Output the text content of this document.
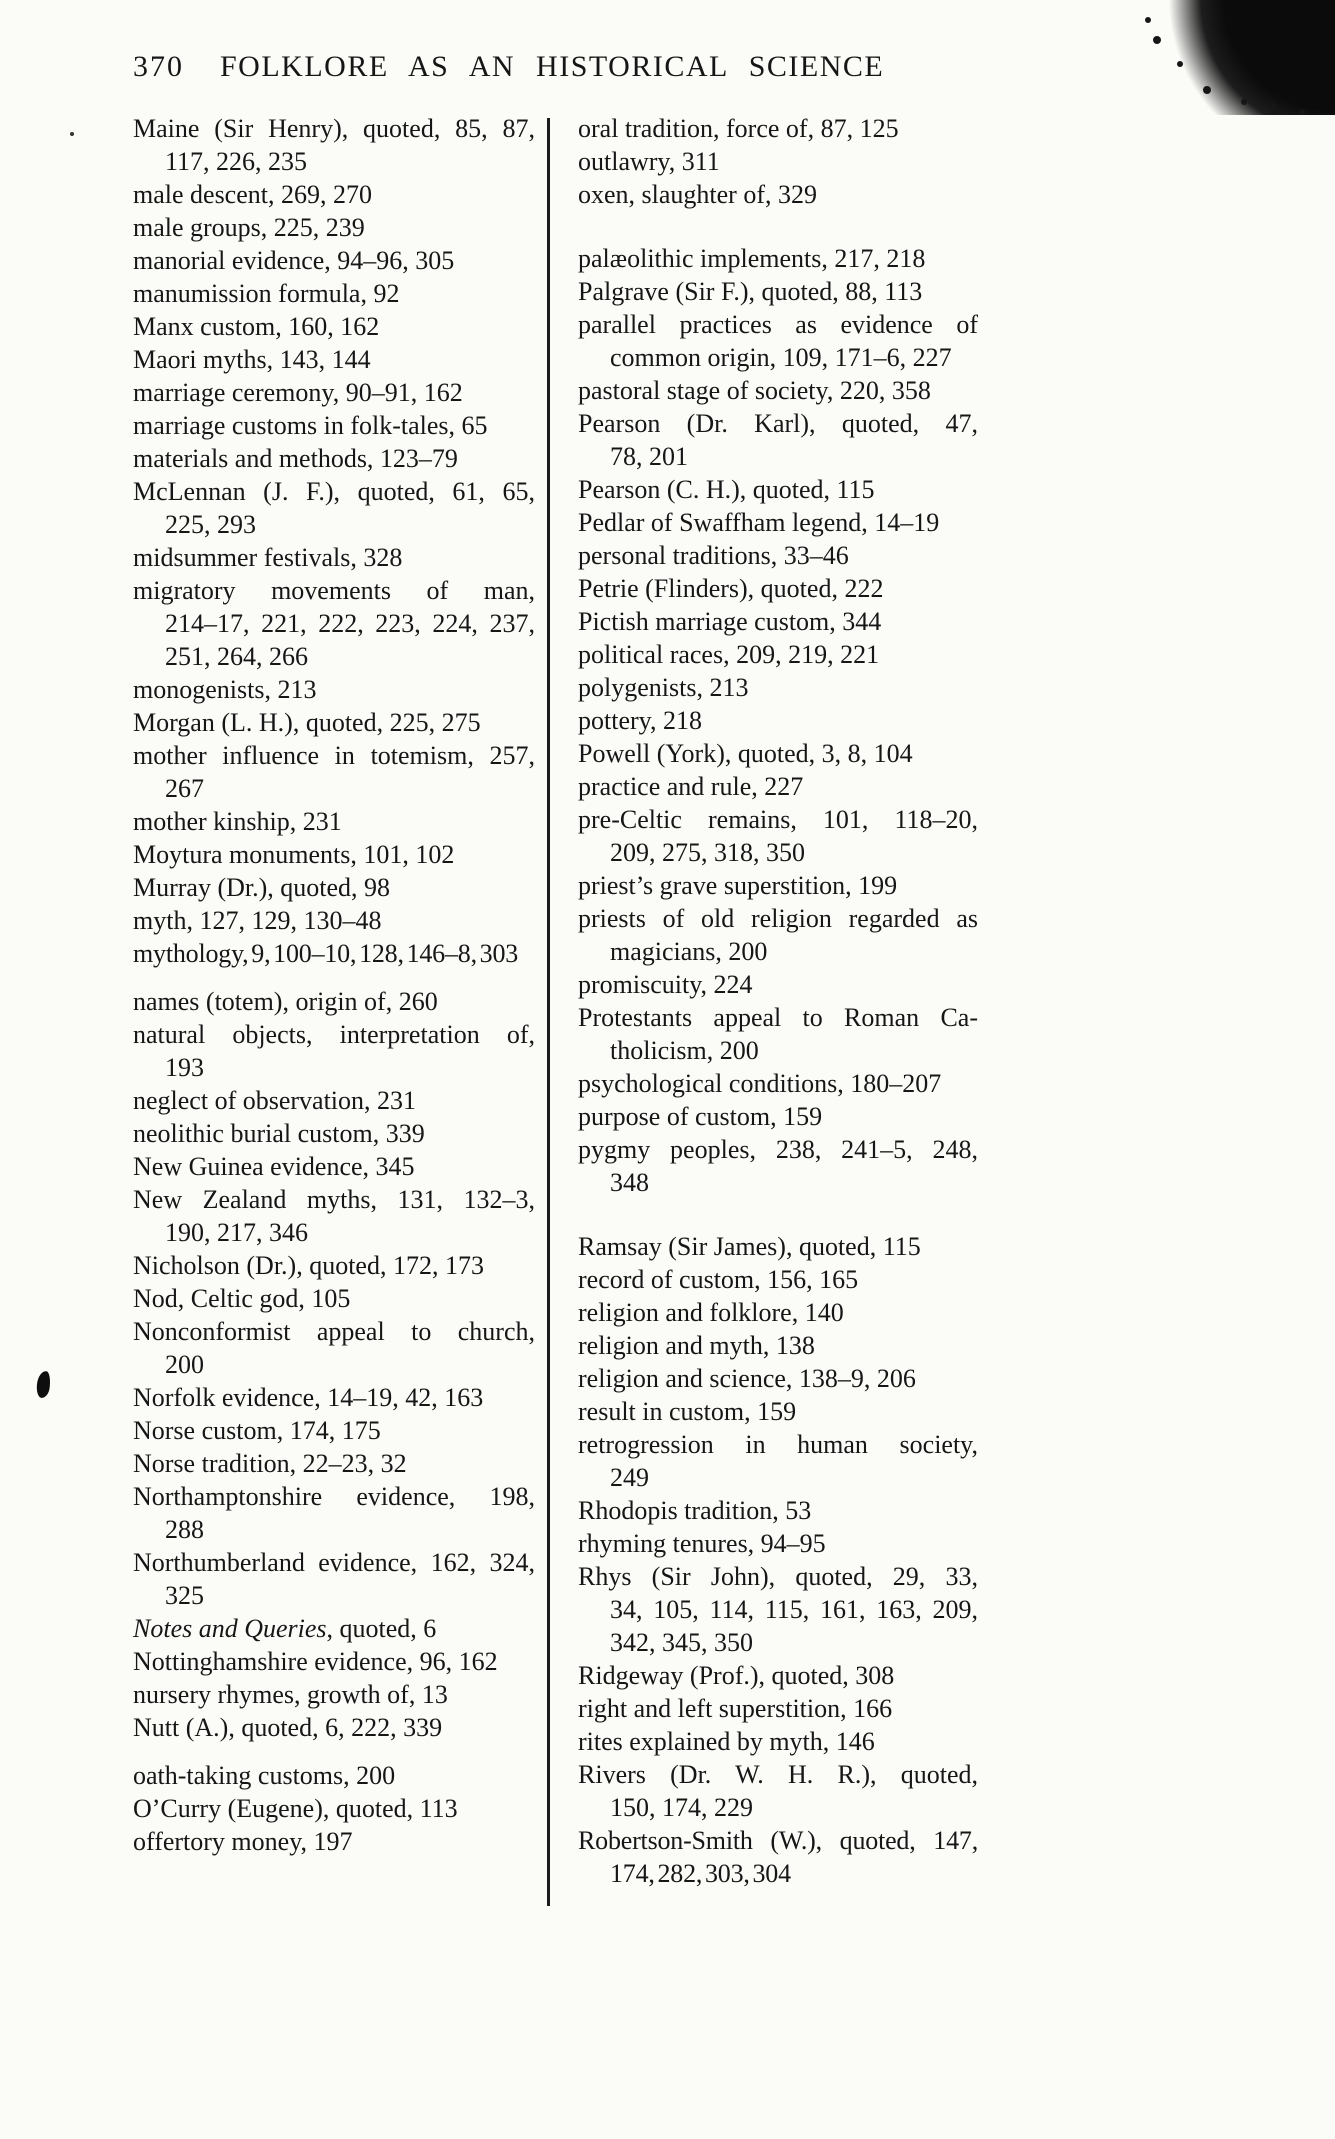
370 FOLKLORE AS AN HISTORICAL SCIENCE
Maine (Sir Henry), quoted, 85, 87,
117, 226, 235
male descent, 269, 270
male groups, 225, 239
manorial evidence, 94–96, 305
manumission formula, 92
Manx custom, 160, 162
Maori myths, 143, 144
marriage ceremony, 90–91, 162
marriage customs in folk-tales, 65
materials and methods, 123–79
McLennan (J. F.), quoted, 61, 65,
225, 293
midsummer festivals, 328
migratory movements of man,
214–17, 221, 222, 223, 224, 237,
251, 264, 266
monogenists, 213
Morgan (L. H.), quoted, 225, 275
mother influence in totemism, 257,
267
mother kinship, 231
Moytura monuments, 101, 102
Murray (Dr.), quoted, 98
myth, 127, 129, 130–48
mythology, 9, 100–10, 128, 146–8, 303
names (totem), origin of, 260
natural objects, interpretation of,
193
neglect of observation, 231
neolithic burial custom, 339
New Guinea evidence, 345
New Zealand myths, 131, 132–3,
190, 217, 346
Nicholson (Dr.), quoted, 172, 173
Nod, Celtic god, 105
Nonconformist appeal to church,
200
Norfolk evidence, 14–19, 42, 163
Norse custom, 174, 175
Norse tradition, 22–23, 32
Northamptonshire evidence, 198,
288
Northumberland evidence, 162, 324,
325
Notes and Queries, quoted, 6
Nottinghamshire evidence, 96, 162
nursery rhymes, growth of, 13
Nutt (A.), quoted, 6, 222, 339
oath-taking customs, 200
O’Curry (Eugene), quoted, 113
offertory money, 197
oral tradition, force of, 87, 125
outlawry, 311
oxen, slaughter of, 329
palæolithic implements, 217, 218
Palgrave (Sir F.), quoted, 88, 113
parallel practices as evidence of
common origin, 109, 171–6, 227
pastoral stage of society, 220, 358
Pearson (Dr. Karl), quoted, 47,
78, 201
Pearson (C. H.), quoted, 115
Pedlar of Swaffham legend, 14–19
personal traditions, 33–46
Petrie (Flinders), quoted, 222
Pictish marriage custom, 344
political races, 209, 219, 221
polygenists, 213
pottery, 218
Powell (York), quoted, 3, 8, 104
practice and rule, 227
pre-Celtic remains, 101, 118–20,
209, 275, 318, 350
priest’s grave superstition, 199
priests of old religion regarded as
magicians, 200
promiscuity, 224
Protestants appeal to Roman Ca-
tholicism, 200
psychological conditions, 180–207
purpose of custom, 159
pygmy peoples, 238, 241–5, 248,
348
Ramsay (Sir James), quoted, 115
record of custom, 156, 165
religion and folklore, 140
religion and myth, 138
religion and science, 138–9, 206
result in custom, 159
retrogression in human society,
249
Rhodopis tradition, 53
rhyming tenures, 94–95
Rhys (Sir John), quoted, 29, 33,
34, 105, 114, 115, 161, 163, 209,
342, 345, 350
Ridgeway (Prof.), quoted, 308
right and left superstition, 166
rites explained by myth, 146
Rivers (Dr. W. H. R.), quoted,
150, 174, 229
Robertson-Smith (W.), quoted, 147,
174, 282, 303, 304
